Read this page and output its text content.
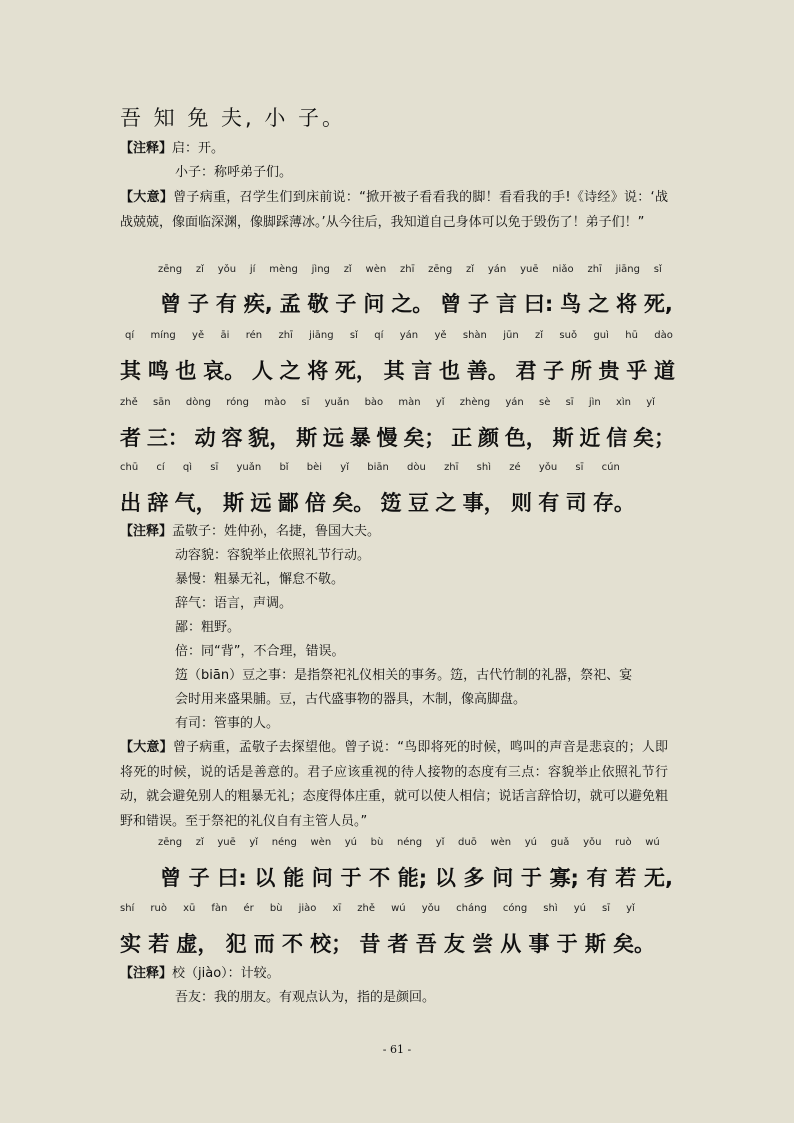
吾 知 免 夫, 小 子。
【注释】启：开。
小子：称呼弟子们。
【大意】曾子病重，召学生们到床前说：“掀开被子看看我的脚！看看我的手!《诗经》说：‘战战兢兢，像面临深渊，像脚踩薄冰。’从今往后，我知道自己身体可以免于毁伤了！弟子们！”
zēng zǐ yǒu jí mèng jìng zǐ wèn zhī zēng zǐ yán yuē niǎo zhī jiāng sǐ
曾 子 有 疾, 孟 敬 子 问 之。 曾 子 言 曰: 鸟 之 将 死,
qí míng yě āi rén zhī jiāng sǐ qí yán yě shàn jūn zǐ suǒ guì hū dào
其 鸣 也 哀。 人 之 将 死， 其 言 也 善。 君 子 所 贵 乎 道
zhě sān dòng róng mào sī yuǎn bào màn yǐ zhèng yán sè sī jìn xìn yǐ
者 三： 动 容 貌， 斯 远 暴 慢 矣； 正 颜 色， 斯 近 信 矣；
chū cí qì sī yuǎn bǐ bèi yǐ biān dòu zhī shì zé yǒu sī cún
出 辞 气， 斯 远 鄙 倍 矣。 笾 豆 之 事， 则 有 司 存。
【注释】孟敬子：姓仲孙，名捷，鲁国大夫。
动容貌：容貌举止依照礼节行动。
暴慢：粗暴无礼，懈怠不敬。
辞气：语言，声调。
鄙：粗野。
倍：同“背”，不合理，错误。
笾（biān）豆之事：是指祭祀礼仪相关的事务。笾，古代竹制的礼器，祭祀、宴
会时用来盛果脯。豆，古代盛事物的器具，木制，像高脚盘。
有司：管事的人。
【大意】曾子病重，孟敬子去探望他。曾子说：“鸟即将死的时候，鸣叫的声音是悲哀的；人即将死的时候，说的话是善意的。君子应该重视的待人接物的态度有三点：容貌举止依照礼节行动，就会避免别人的粗暴无礼；态度得体庄重，就可以使人相信；说话言辞恰切，就可以避免粗野和错误。至于祭祀的礼仪自有主管人员。”
zēng zǐ yuē yǐ néng wèn yú bù néng yǐ duō wèn yú guǎ yǒu ruò wú
曾 子 曰: 以 能 问 于 不 能; 以 多 问 于 寡; 有 若 无,
shí ruò xū fàn ér bù jiào xī zhě wú yǒu cháng cóng shì yú sī yǐ
实 若 虚， 犯 而 不 校； 昔 者 吾 友 尝 从 事 于 斯 矣。
【注释】校（jiào）：计较。
吾友：我的朋友。有观点认为，指的是颜回。
- 61 -
